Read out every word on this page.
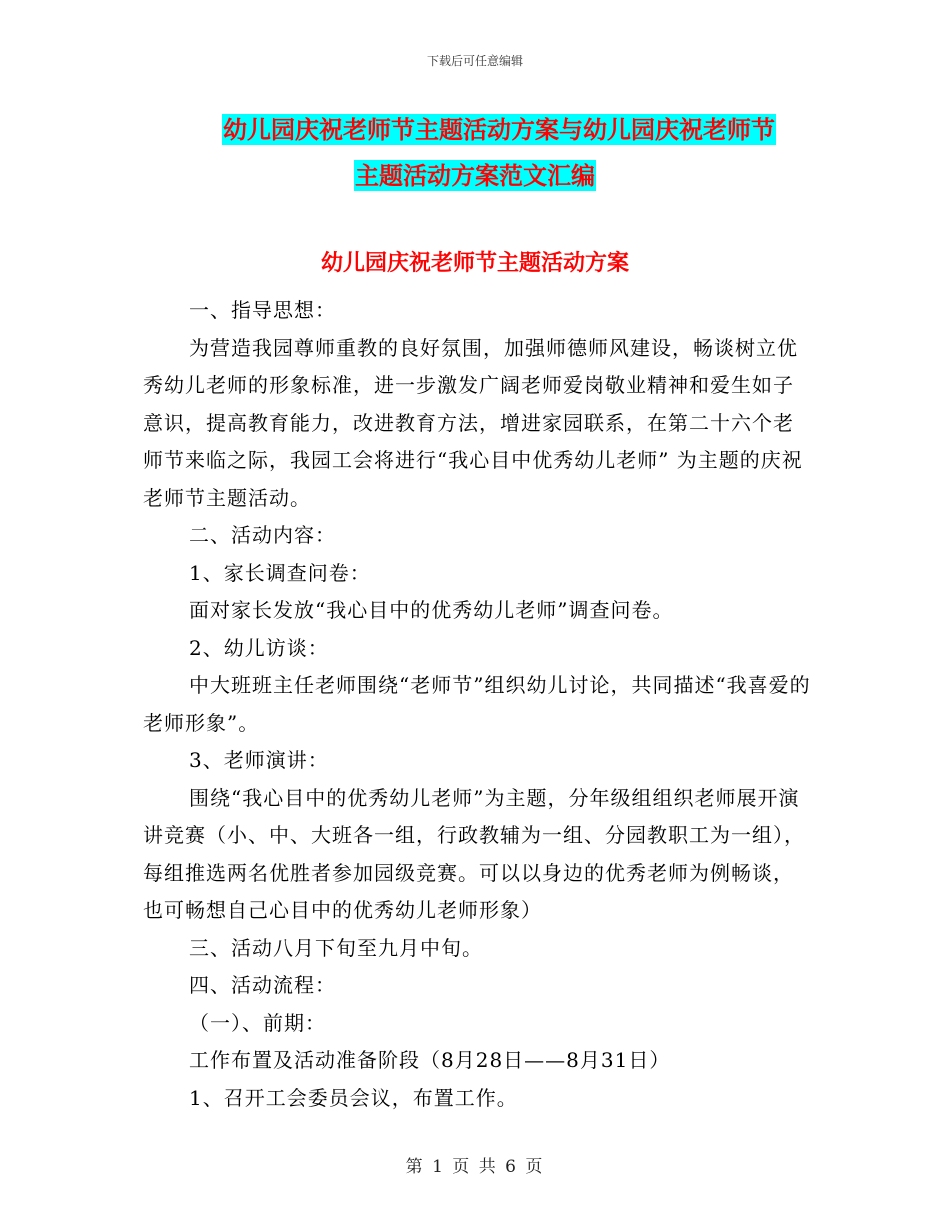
下载后可任意编辑
幼儿园庆祝老师节主题活动方案与幼儿园庆祝老师节
主题活动方案范文汇编
幼儿园庆祝老师节主题活动方案

一、指导思想：

为营造我园尊师重教的良好氛围，加强师德师风建设，畅谈树立优秀幼儿老师的形象标准，进一步激发广阔老师爱岗敬业精神和爱生如子意识，提高教育能力，改进教育方法，增进家园联系，在第二十六个老师节来临之际，我园工会将进行“我心目中优秀幼儿老师” 为主题的庆祝老师节主题活动。

二、活动内容：

1、家长调查问卷：

面对家长发放“我心目中的优秀幼儿老师”调查问卷。

2、幼儿访谈：

中大班班主任老师围绕“老师节”组织幼儿讨论，共同描述“我喜爱的老师形象”。

3、老师演讲：

围绕“我心目中的优秀幼儿老师”为主题，分年级组组织老师展开演讲竞赛（小、中、大班各一组，行政教辅为一组、分园教职工为一组），每组推选两名优胜者参加园级竞赛。可以以身边的优秀老师为例畅谈，也可畅想自己心目中的优秀幼儿老师形象）

三、活动八月下旬至九月中旬。

四、活动流程：

（一）、前期：

工作布置及活动准备阶段（8月28日——8月31日）

1、召开工会委员会议，布置工作。

第 1 页 共 6 页
